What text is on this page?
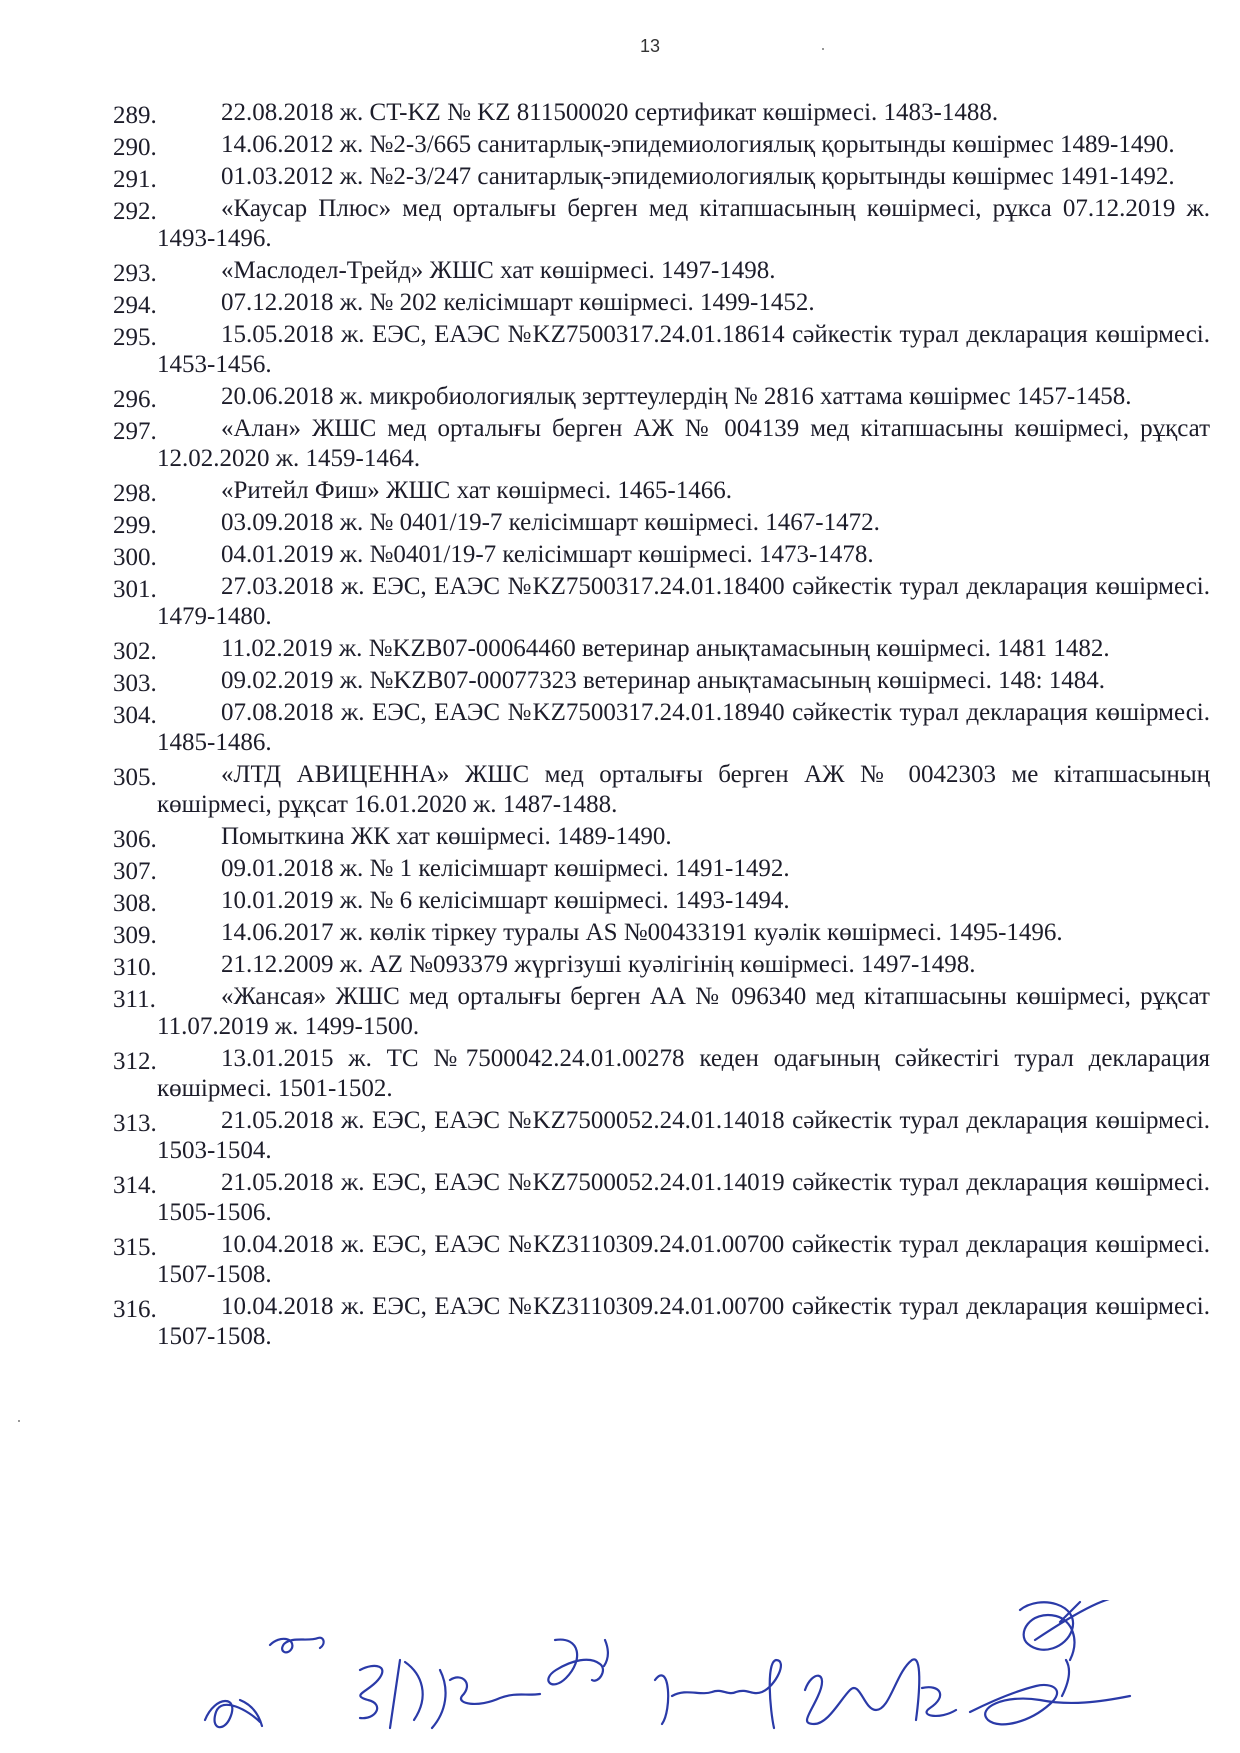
13
289.	22.08.2018 ж. CT-KZ № KZ 811500020 сертификат көшірмесі. 1483-1488.
290.	14.06.2012 ж. №2-3/665 санитарлық-эпидемиологиялық қорытынды көшірмес 1489-1490.
291.	01.03.2012 ж. №2-3/247 санитарлық-эпидемиологиялық қорытынды көшірмес 1491-1492.
292.	«Каусар Плюс» мед орталығы берген мед кітапшасының көшірмесі, рұкса 07.12.2019 ж. 1493-1496.
293.	«Маслодел-Трейд» ЖШС хат көшірмесі. 1497-1498.
294.	07.12.2018 ж. № 202 келісімшарт көшірмесі. 1499-1452.
295.	15.05.2018 ж. ЕЭС, ЕАЭС №KZ7500317.24.01.18614 сәйкестік турал декларация көшірмесі. 1453-1456.
296.	20.06.2018 ж. микробиологиялық зерттеулердің № 2816 хаттама көшірмес 1457-1458.
297.	«Алан» ЖШС мед орталығы берген АЖ № 004139 мед кітапшасыны көшірмесі, рұқсат 12.02.2020 ж. 1459-1464.
298.	«Ритейл Фиш» ЖШС хат көшірмесі. 1465-1466.
299.	03.09.2018 ж. № 0401/19-7 келісімшарт көшірмесі. 1467-1472.
300.	04.01.2019 ж. №0401/19-7 келісімшарт көшірмесі. 1473-1478.
301.	27.03.2018 ж. ЕЭС, ЕАЭС №KZ7500317.24.01.18400 сәйкестік турал декларация көшірмесі. 1479-1480.
302.	11.02.2019 ж. №KZB07-00064460 ветеринар анықтамасының көшірмесі. 1481 1482.
303.	09.02.2019 ж. №KZB07-00077323 ветеринар анықтамасының көшірмесі. 148: 1484.
304.	07.08.2018 ж. ЕЭС, ЕАЭС №KZ7500317.24.01.18940 сәйкестік турал декларация көшірмесі. 1485-1486.
305.	«ЛТД АВИЦЕННА» ЖШС мед орталығы берген АЖ № 0042303 ме кітапшасының көшірмесі, рұқсат 16.01.2020 ж. 1487-1488.
306.	Помыткина ЖК хат көшірмесі. 1489-1490.
307.	09.01.2018 ж. № 1 келісімшарт көшірмесі. 1491-1492.
308.	10.01.2019 ж. № 6 келісімшарт көшірмесі. 1493-1494.
309.	14.06.2017 ж. көлік тіркеу туралы AS №00433191 куәлік көшірмесі. 1495-1496.
310.	21.12.2009 ж. AZ №093379 жүргізуші куәлігінің көшірмесі. 1497-1498.
311.	«Жансая» ЖШС мед орталығы берген АА № 096340 мед кітапшасыны көшірмесі, рұқсат 11.07.2019 ж. 1499-1500.
312.	13.01.2015 ж. ТС №7500042.24.01.00278 кеден одағының сәйкестігі турал декларация көшірмесі. 1501-1502.
313.	21.05.2018 ж. ЕЭС, ЕАЭС №KZ7500052.24.01.14018 сәйкестік турал декларация көшірмесі. 1503-1504.
314.	21.05.2018 ж. ЕЭС, ЕАЭС №KZ7500052.24.01.14019 сәйкестік турал декларация көшірмесі. 1505-1506.
315.	10.04.2018 ж. ЕЭС, ЕАЭС №KZ3110309.24.01.00700 сәйкестік турал декларация көшірмесі. 1507-1508.
316.	10.04.2018 ж. ЕЭС, ЕАЭС №KZ3110309.24.01.00700 сәйкестік турал декларация көшірмесі. 1507-1508.
